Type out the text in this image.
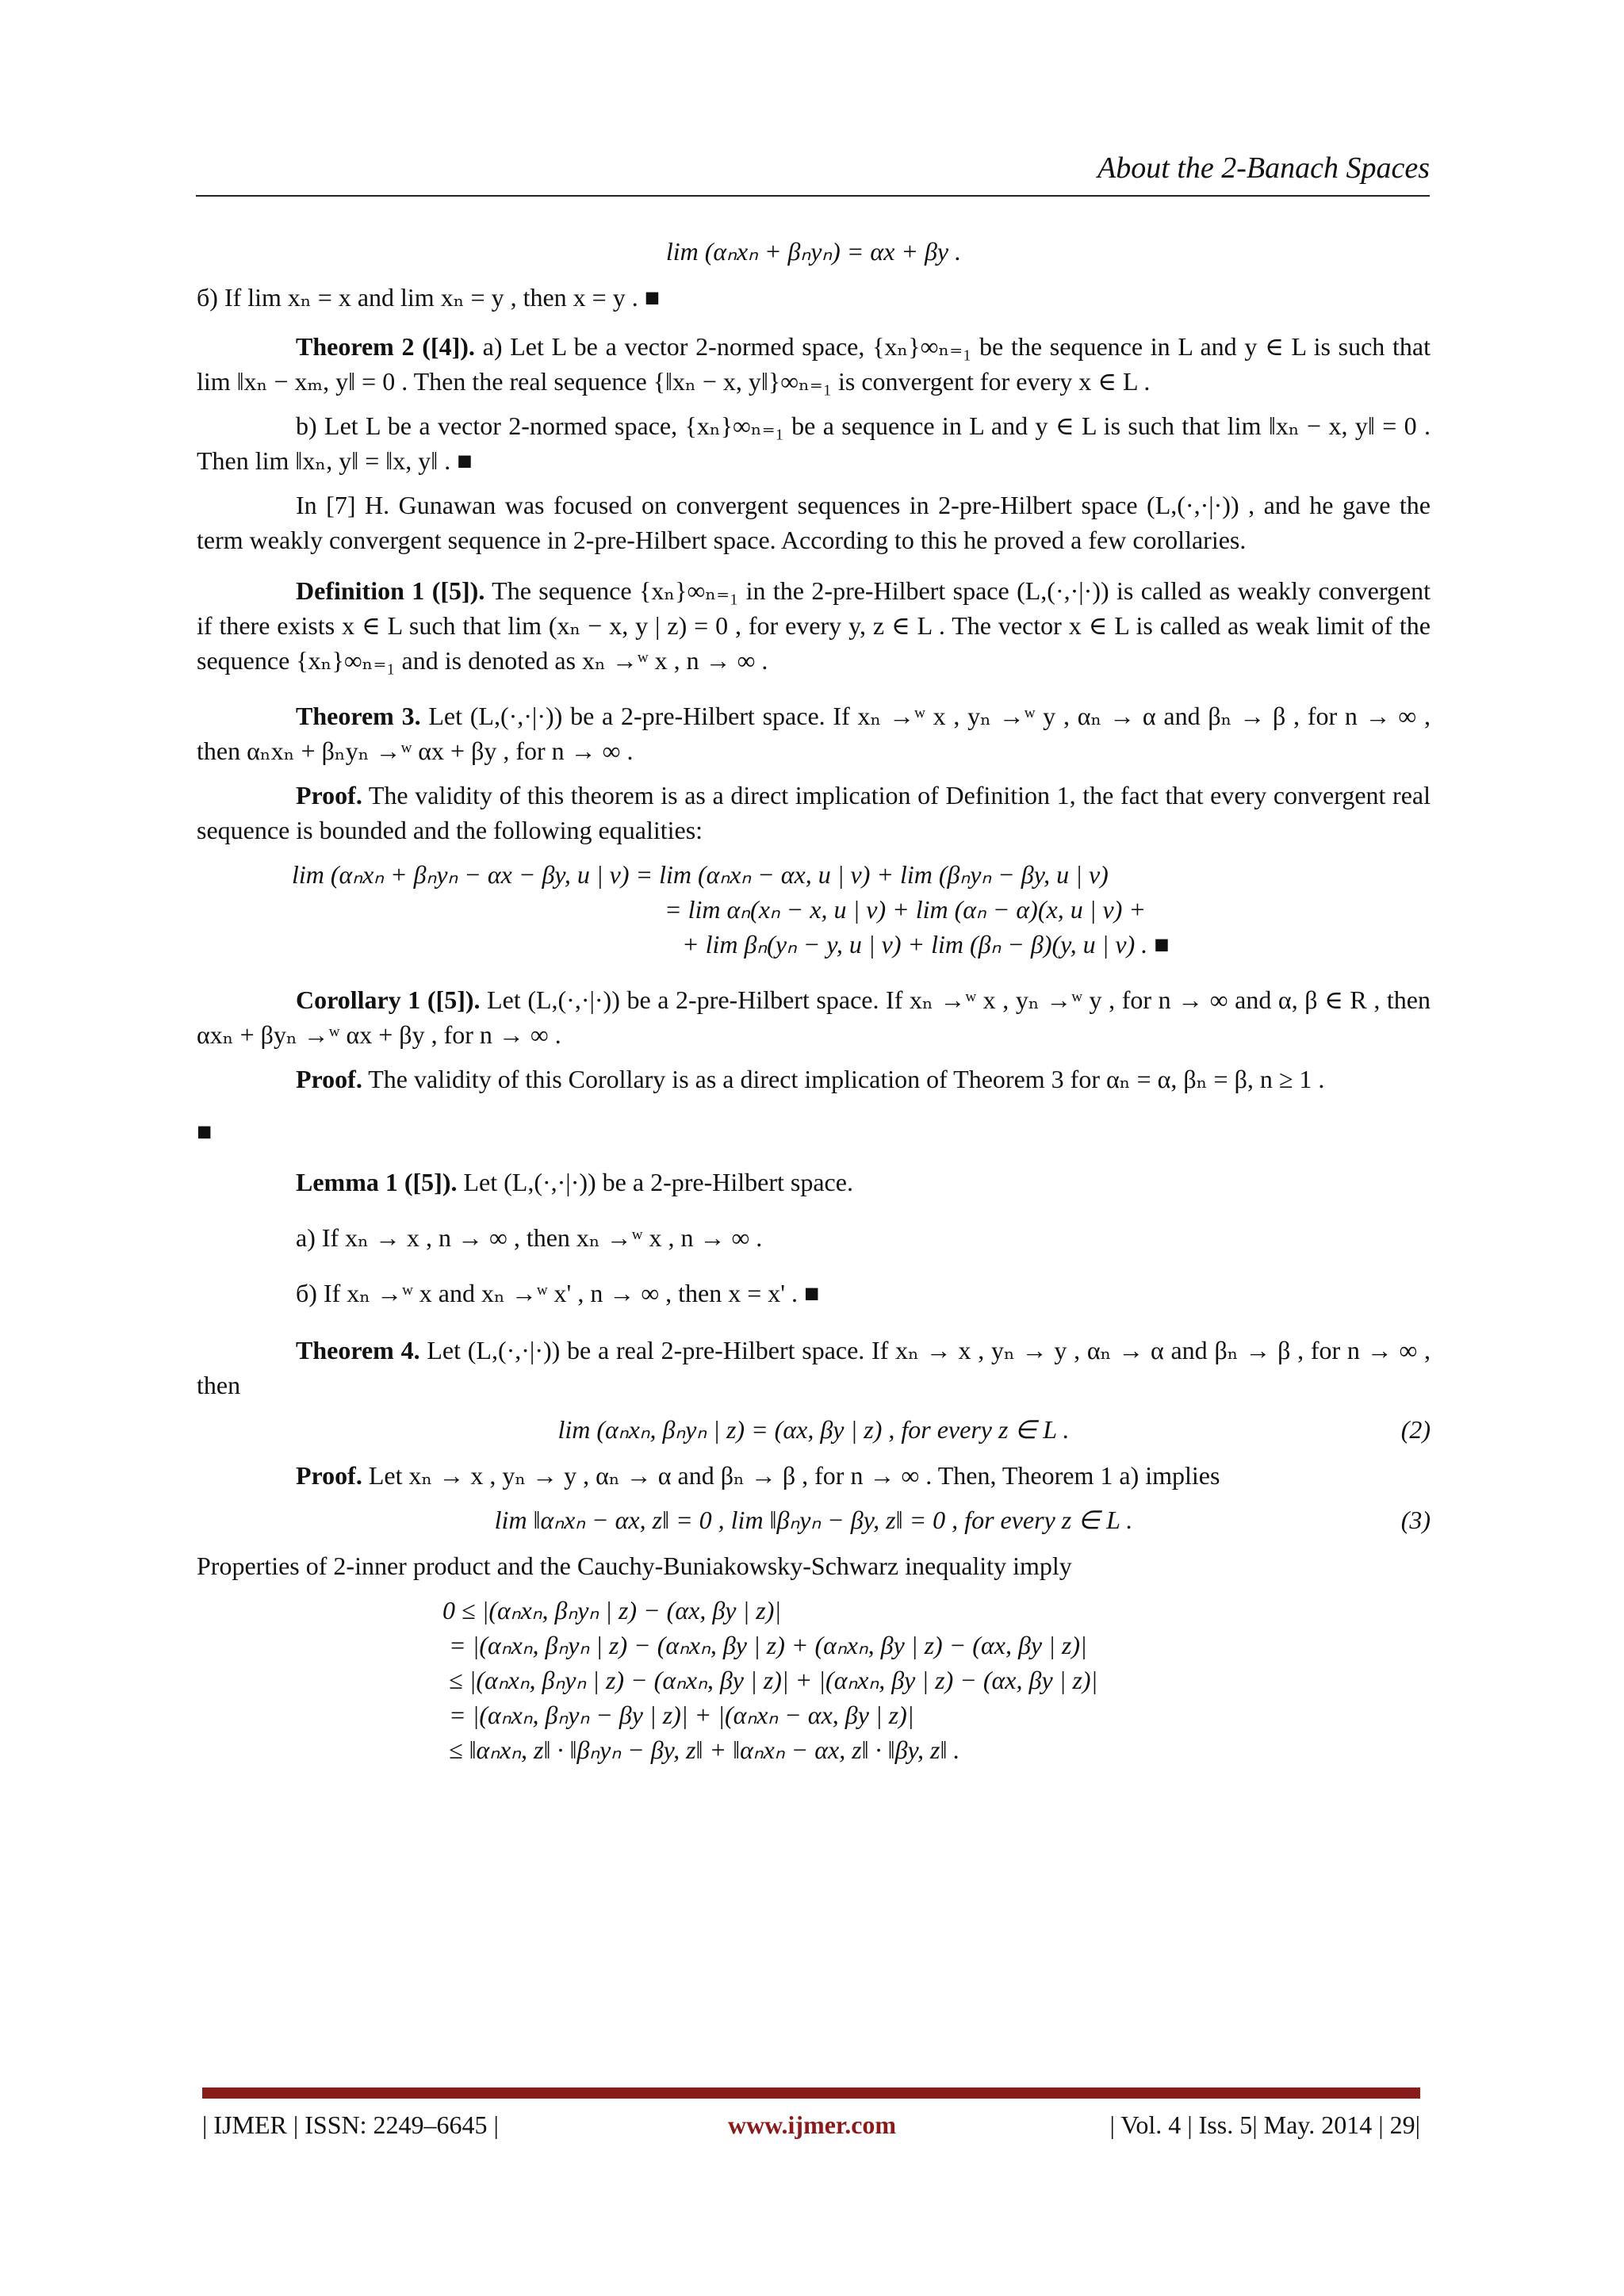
About the 2-Banach Spaces
lim (αₙxₙ + βₙyₙ) = αx + βy .

б) If lim xₙ = x and lim xₙ = y , then x = y . ■

Theorem 2 ([4]). a) Let L be a vector 2-normed space, {xₙ}∞ₙ₌₁ be the sequence in L and y ∈ L is such that lim ‖xₙ − xₘ, y‖ = 0 . Then the real sequence {‖xₙ − x, y‖}∞ₙ₌₁ is convergent for every x ∈ L .

b) Let L be a vector 2-normed space, {xₙ}∞ₙ₌₁ be a sequence in L and y ∈ L is such that lim ‖xₙ − x, y‖ = 0 . Then lim ‖xₙ, y‖ = ‖x, y‖ . ■

In [7] H. Gunawan was focused on convergent sequences in 2-pre-Hilbert space (L,(·,·|·)) , and he gave the term weakly convergent sequence in 2-pre-Hilbert space. According to this he proved a few corollaries.

Definition 1 ([5]). The sequence {xₙ}∞ₙ₌₁ in the 2-pre-Hilbert space (L,(·,·|·)) is called as weakly convergent if there exists x ∈ L such that lim (xₙ − x, y | z) = 0 , for every y, z ∈ L . The vector x ∈ L is called as weak limit of the sequence {xₙ}∞ₙ₌₁ and is denoted as xₙ →ʷ x , n → ∞ .

Theorem 3. Let (L,(·,·|·)) be a 2-pre-Hilbert space. If xₙ →ʷ x , yₙ →ʷ y , αₙ → α and βₙ → β , for n → ∞ , then αₙxₙ + βₙyₙ →ʷ αx + βy , for n → ∞ .

Proof. The validity of this theorem is as a direct implication of Definition 1, the fact that every convergent real sequence is bounded and the following equalities:

lim (αₙxₙ + βₙyₙ − αx − βy, u | v) = lim (αₙxₙ − αx, u | v) + lim (βₙyₙ − βy, u | v)
= lim αₙ(xₙ − x, u | v) + lim (αₙ − α)(x, u | v) +
+ lim βₙ(yₙ − y, u | v) + lim (βₙ − β)(y, u | v) . ■

Corollary 1 ([5]). Let (L,(·,·|·)) be a 2-pre-Hilbert space. If xₙ →ʷ x , yₙ →ʷ y , for n → ∞ and α, β ∈ R , then αxₙ + βyₙ →ʷ αx + βy , for n → ∞ .

Proof. The validity of this Corollary is as a direct implication of Theorem 3 for αₙ = α, βₙ = β, n ≥ 1 .

■

Lemma 1 ([5]). Let (L,(·,·|·)) be a 2-pre-Hilbert space.

a) If xₙ → x , n → ∞ , then xₙ →ʷ x , n → ∞ .

б) If xₙ →ʷ x and xₙ →ʷ x' , n → ∞ , then x = x' . ■

Theorem 4. Let (L,(·,·|·)) be a real 2-pre-Hilbert space. If xₙ → x , yₙ → y , αₙ → α and βₙ → β , for n → ∞ , then

lim (αₙxₙ, βₙyₙ | z) = (αx, βy | z) , for every z ∈ L .	(2)

Proof. Let xₙ → x , yₙ → y , αₙ → α and βₙ → β , for n → ∞ . Then, Theorem 1 a) implies

lim ‖αₙxₙ − αx, z‖ = 0 , lim ‖βₙyₙ − βy, z‖ = 0 , for every z ∈ L .	(3)

Properties of 2-inner product and the Cauchy-Buniakowsky-Schwarz inequality imply

0 ≤ |(αₙxₙ, βₙyₙ | z) − (αx, βy | z)|
= |(αₙxₙ, βₙyₙ | z) − (αₙxₙ, βy | z) + (αₙxₙ, βy | z) − (αx, βy | z)|
≤ |(αₙxₙ, βₙyₙ | z) − (αₙxₙ, βy | z)| + |(αₙxₙ, βy | z) − (αx, βy | z)|
= |(αₙxₙ, βₙyₙ − βy | z)| + |(αₙxₙ − αx, βy | z)|
≤ ‖αₙxₙ, z‖ · ‖βₙyₙ − βy, z‖ + ‖αₙxₙ − αx, z‖ · ‖βy, z‖ .
| IJMER | ISSN: 2249–6645 |	www.ijmer.com	| Vol. 4 | Iss. 5| May. 2014 | 29|
